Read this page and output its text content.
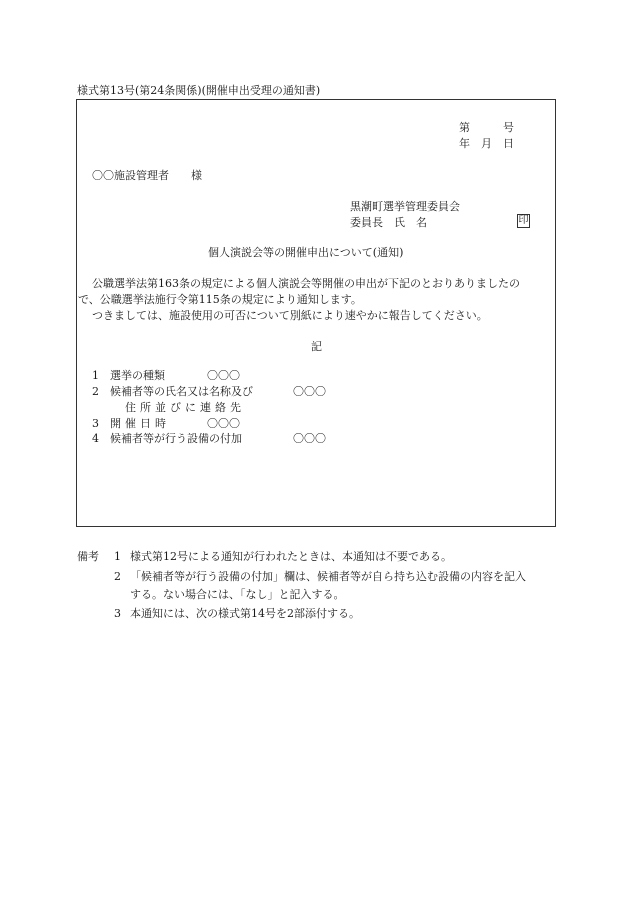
様式第13号(第24条関係)(開催申出受理の通知書)
第　　　号
年　月　日
〇〇施設管理者　　様
黒潮町選挙管理委員会
委員長　氏　名	印
個人演説会等の開催申出について(通知)
公職選挙法第163条の規定による個人演説会等開催の申出が下記のとおりありましたの
で、公職選挙法施行令第115条の規定により通知します。
つきましては、施設使用の可否について別紙により速やかに報告してください。
記
1 選挙の種類	〇〇〇
2 候補者等の氏名又は名称及び	〇〇〇
住所並びに連絡先
3 開催日時	〇〇〇
4 候補者等が行う設備の付加	〇〇〇
備考 1 様式第12号による通知が行われたときは、本通知は不要である。
2 「候補者等が行う設備の付加」欄は、候補者等が自ら持ち込む設備の内容を記入
する。ない場合には、「なし」と記入する。
3 本通知には、次の様式第14号を2部添付する。
